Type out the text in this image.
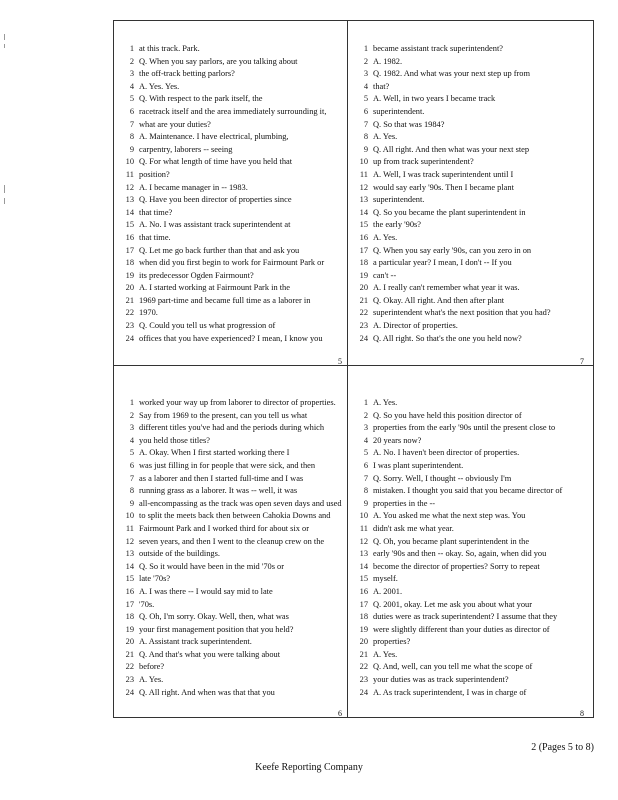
1 at this track. Park.
2 Q. When you say parlors, are you talking about
3 the off-track betting parlors?
4 A. Yes. Yes.
5 Q. With respect to the park itself, the
6 racetrack itself and the area immediately surrounding it,
7 what are your duties?
8 A. Maintenance. I have electrical, plumbing,
9 carpentry, laborers -- seeing
10 Q. For what length of time have you held that
11 position?
12 A. I became manager in -- 1983.
13 Q. Have you been director of properties since
14 that time?
15 A. No. I was assistant track superintendent at
16 that time.
17 Q. Let me go back further than that and ask you
18 when did you first begin to work for Fairmount Park or
19 its predecessor Ogden Fairmount?
20 A. I started working at Fairmount Park in the
21 1969 part-time and became full time as a laborer in
22 1970.
23 Q. Could you tell us what progression of
24 offices that you have experienced? I mean, I know you
5
1 became assistant track superintendent?
2 A. 1982.
3 Q. 1982. And what was your next step up from
4 that?
5 A. Well, in two years I became track
6 superintendent.
7 Q. So that was 1984?
8 A. Yes.
9 Q. All right. And then what was your next step
10 up from track superintendent?
11 A. Well, I was track superintendent until I
12 would say early '90s. Then I became plant
13 superintendent.
14 Q. So you became the plant superintendent in
15 the early '90s?
16 A. Yes.
17 Q. When you say early '90s, can you zero in on
18 a particular year? I mean, I don't -- If you
19 can't --
20 A. I really can't remember what year it was.
21 Q. Okay. All right. And then after plant
22 superintendent what's the next position that you had?
23 A. Director of properties.
24 Q. All right. So that's the one you held now?
7
1 worked your way up from laborer to director of properties.
2 Say from 1969 to the present, can you tell us what
3 different titles you've had and the periods during which
4 you held those titles?
5 A. Okay. When I first started working there I
6 was just filling in for people that were sick, and then
7 as a laborer and then I started full-time and I was
8 running grass as a laborer. It was -- well, it was
9 all-encompassing as the track was open seven days and used
10 to split the meets back then between Cahokia Downs and
11 Fairmount Park and I worked third for about six or
12 seven years, and then I went to the cleanup crew on the
13 outside of the buildings.
14 Q. So it would have been in the mid '70s or
15 late '70s?
16 A. I was there -- I would say mid to late
17 '70s.
18 Q. Oh, I'm sorry. Okay. Well, then, what was
19 your first management position that you held?
20 A. Assistant track superintendent.
21 Q. And that's what you were talking about
22 before?
23 A. Yes.
24 Q. All right. And when was that that you
6
1 A. Yes.
2 Q. So you have held this position director of
3 properties from the early '90s until the present close to
4 20 years now?
5 A. No. I haven't been director of properties.
6 I was plant superintendent.
7 Q. Sorry. Well, I thought -- obviously I'm
8 mistaken. I thought you said that you became director of
9 properties in the --
10 A. You asked me what the next step was. You
11 didn't ask me what year.
12 Q. Oh, you became plant superintendent in the
13 early '90s and then -- okay. So, again, when did you
14 become the director of properties? Sorry to repeat
15 myself.
16 A. 2001.
17 Q. 2001, okay. Let me ask you about what your
18 duties were as track superintendent? I assume that they
19 were slightly different than your duties as director of
20 properties?
21 A. Yes.
22 Q. And, well, can you tell me what the scope of
23 your duties was as track superintendent?
24 A. As track superintendent, I was in charge of
8
2 (Pages 5 to 8)
Keefe Reporting Company
